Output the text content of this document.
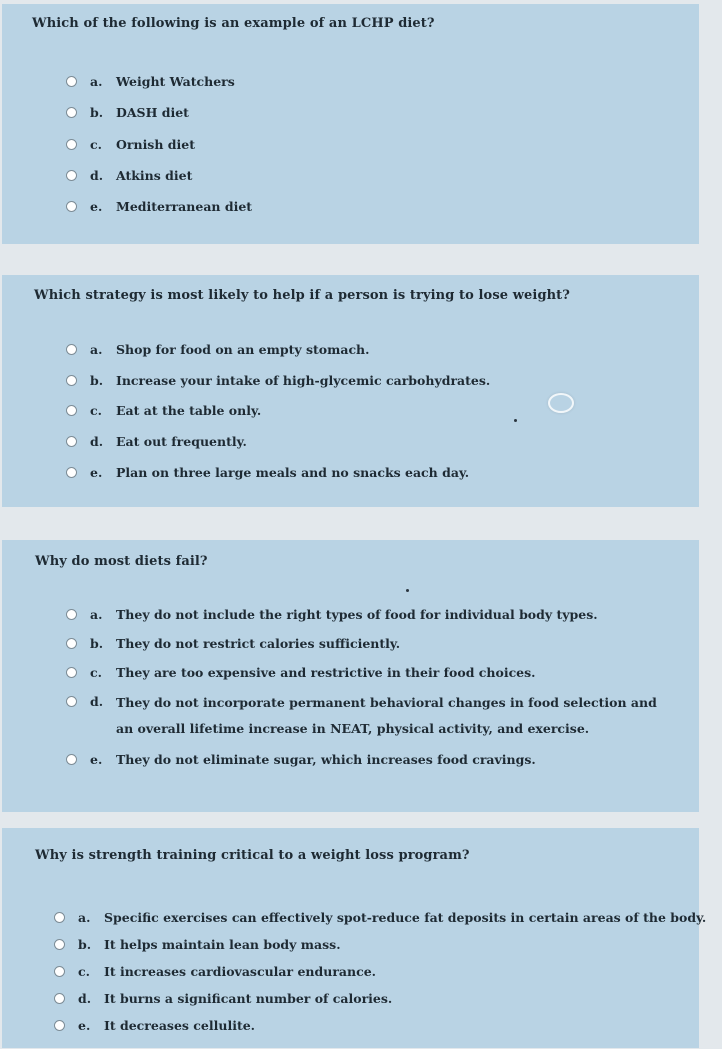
Which of the following is an example of an LCHP diet?
a. Weight Watchers
b. DASH diet
c. Ornish diet
d. Atkins diet
e. Mediterranean diet
Which strategy is most likely to help if a person is trying to lose weight?
a. Shop for food on an empty stomach.
b. Increase your intake of high-glycemic carbohydrates.
c. Eat at the table only.
d. Eat out frequently.
e. Plan on three large meals and no snacks each day.
Why do most diets fail?
a. They do not include the right types of food for individual body types.
b. They do not restrict calories sufficiently.
c. They are too expensive and restrictive in their food choices.
d. They do not incorporate permanent behavioral changes in food selection and an overall lifetime increase in NEAT, physical activity, and exercise.
e. They do not eliminate sugar, which increases food cravings.
Why is strength training critical to a weight loss program?
a. Specific exercises can effectively spot-reduce fat deposits in certain areas of the body.
b. It helps maintain lean body mass.
c. It increases cardiovascular endurance.
d. It burns a significant number of calories.
e. It decreases cellulite.
